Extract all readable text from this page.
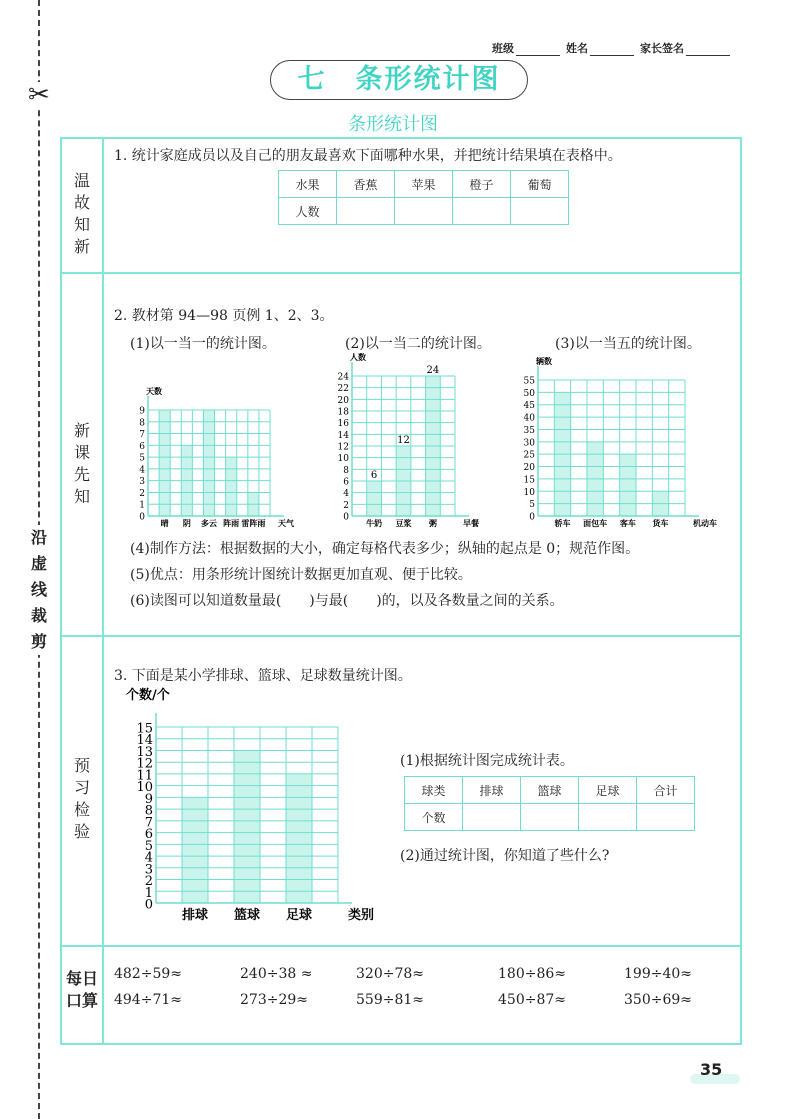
✂
沿虚线裁剪
班级	姓名	家长签名
七　条形统计图
条形统计图
温故知新
1. 统计家庭成员以及自己的朋友最喜欢下面哪种水果，并把统计结果填在表格中。
水果	香蕉	苹果	橙子	葡萄
人数				
新课先知
2. 教材第 94—98 页例 1、2、3。
(1)以一当一的统计图。	(2)以一当二的统计图。	(3)以一当五的统计图。
(4)制作方法：根据数据的大小，确定每格代表多少；纵轴的起点是 0；规范作图。
(5)优点：用条形统计图统计数据更加直观、便于比较。
(6)读图可以知道数量最(　　)与最(　　)的，以及各数量之间的关系。
预习检验
3. 下面是某小学排球、篮球、足球数量统计图。
(1)根据统计图完成统计表。
球类	排球	篮球	足球	合计
个数				
(2)通过统计图，你知道了些什么?
每日口算
482÷59≈	240÷38 ≈	320÷78≈	180÷86≈	199÷40≈
494÷71≈	273÷29≈	559÷81≈	450÷87≈	350÷69≈
晴 阴 多云 阵雨 雷阵雨
0
1
2
3
4
5
6
7
8
9
天数
天气
6
牛奶
12
豆浆
24
粥
0
2
4
6
8
10
12
14
16
18
20
22
24
人数
早餐	轿车 面包车 客车 货车
0
5
10
15
20
25
30
35
40
45
50
55
辆数
机动车
排球 篮球 足球
0
1
2
3
4
5
6
7
8
9
10
11
12
13
14
15
个数/个
类别
35
